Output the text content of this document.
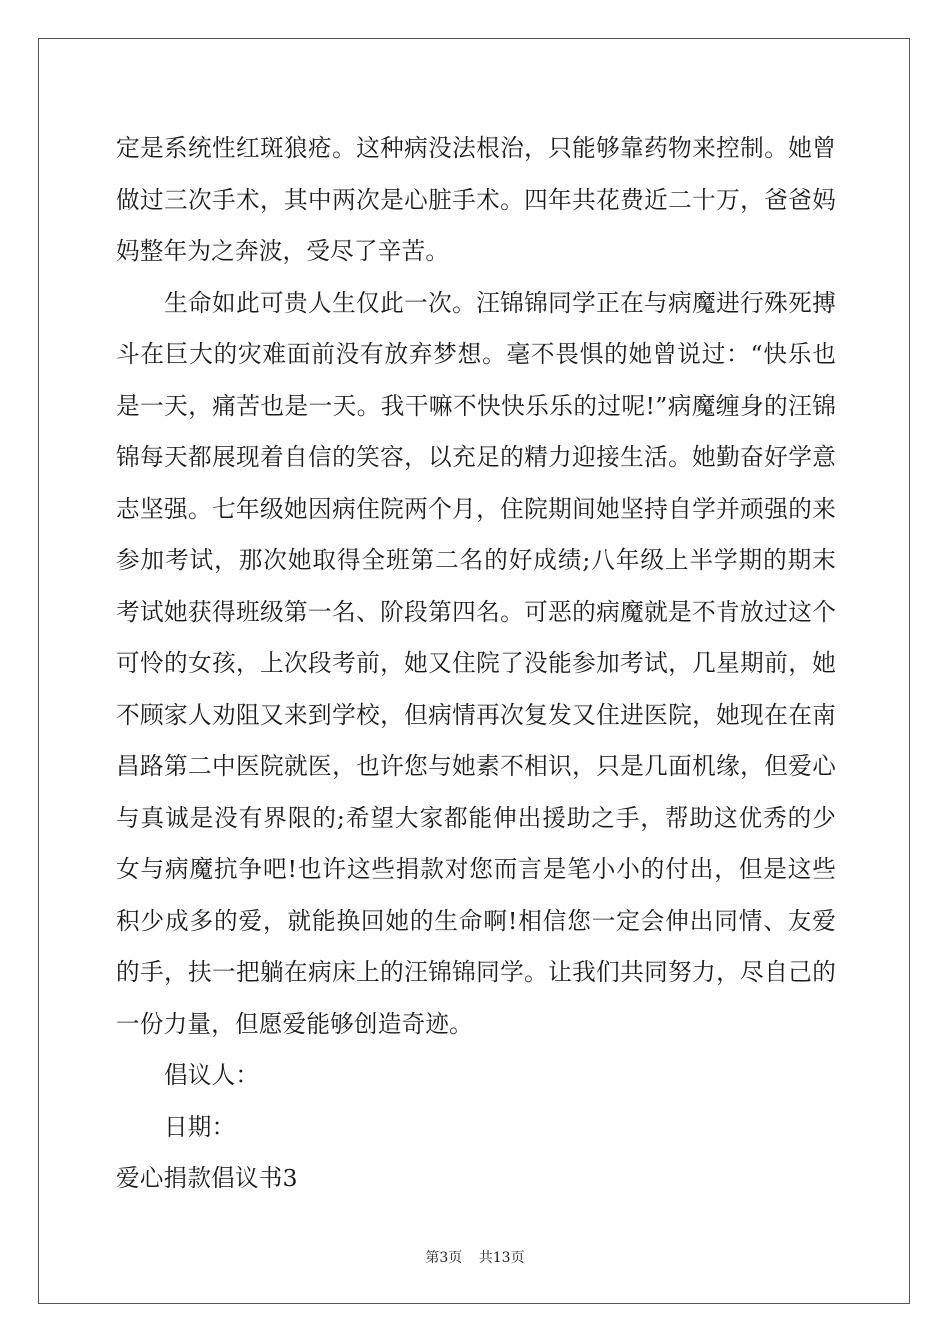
定是系统性红斑狼疮。这种病没法根治，只能够靠药物来控制。她曾做过三次手术，其中两次是心脏手术。四年共花费近二十万，爸爸妈妈整年为之奔波，受尽了辛苦。

生命如此可贵人生仅此一次。汪锦锦同学正在与病魔进行殊死搏斗在巨大的灾难面前没有放弃梦想。毫不畏惧的她曾说过：“快乐也是一天，痛苦也是一天。我干嘛不快快乐乐的过呢!”病魔缠身的汪锦锦每天都展现着自信的笑容，以充足的精力迎接生活。她勤奋好学意志坚强。七年级她因病住院两个月，住院期间她坚持自学并顽强的来参加考试，那次她取得全班第二名的好成绩;八年级上半学期的期末考试她获得班级第一名、阶段第四名。可恶的病魔就是不肯放过这个可怜的女孩，上次段考前，她又住院了没能参加考试，几星期前，她不顾家人劝阻又来到学校，但病情再次复发又住进医院，她现在在南昌路第二中医院就医，也许您与她素不相识，只是几面机缘，但爱心与真诚是没有界限的;希望大家都能伸出援助之手，帮助这优秀的少女与病魔抗争吧!也许这些捐款对您而言是笔小小的付出，但是这些积少成多的爱，就能换回她的生命啊!相信您一定会伸出同情、友爱的手，扶一把躺在病床上的汪锦锦同学。让我们共同努力，尽自己的一份力量，但愿爱能够创造奇迹。

倡议人：

日期：

爱心捐款倡议书3

第3页 共13页
